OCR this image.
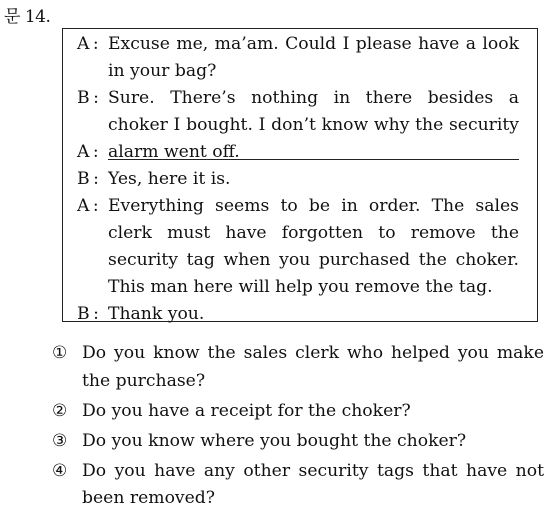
문 14.
A : Excuse me, ma’am. Could I please have a look in your bag?
B : Sure. There’s nothing in there besides a choker I bought. I don’t know why the security alarm went off.
A :
B : Yes, here it is.
A : Everything seems to be in order. The sales clerk must have forgotten to remove the security tag when you purchased the choker. This man here will help you remove the tag.
B : Thank you.
① Do you know the sales clerk who helped you make the purchase?
② Do you have a receipt for the choker?
③ Do you know where you bought the choker?
④ Do you have any other security tags that have not been removed?
